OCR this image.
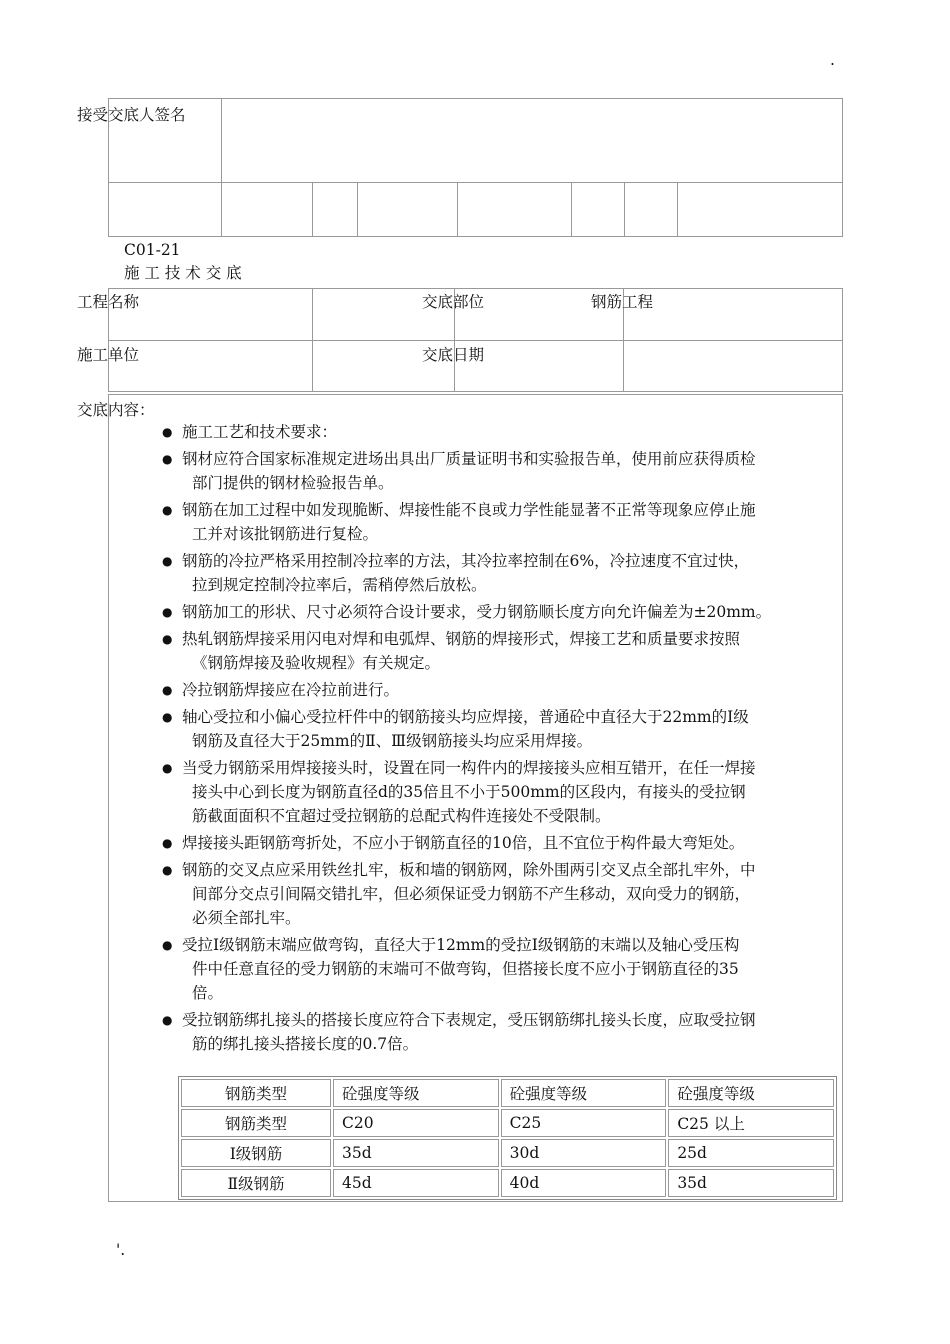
.
接受交底人签名
C01-21
施 工 技 术 交 底
工程名称	交底部位	钢筋工程
施工单位	交底日期
交底内容：
● 施工工艺和技术要求：
● 钢材应符合国家标准规定进场出具出厂质量证明书和实验报告单，使用前应获得质检
部门提供的钢材检验报告单。
● 钢筋在加工过程中如发现脆断、焊接性能不良或力学性能显著不正常等现象应停止施
工并对该批钢筋进行复检。
● 钢筋的冷拉严格采用控制冷拉率的方法，其冷拉率控制在6%，冷拉速度不宜过快，
拉到规定控制冷拉率后，需稍停然后放松。
● 钢筋加工的形状、尺寸必须符合设计要求，受力钢筋顺长度方向允许偏差为±20mm。
● 热轧钢筋焊接采用闪电对焊和电弧焊、钢筋的焊接形式，焊接工艺和质量要求按照
《钢筋焊接及验收规程》有关规定。
● 冷拉钢筋焊接应在冷拉前进行。
● 轴心受拉和小偏心受拉杆件中的钢筋接头均应焊接，普通砼中直径大于22mm的Ⅰ级
钢筋及直径大于25mm的Ⅱ、Ⅲ级钢筋接头均应采用焊接。
● 当受力钢筋采用焊接接头时，设置在同一构件内的焊接接头应相互错开，在任一焊接
接头中心到长度为钢筋直径d的35倍且不小于500mm的区段内，有接头的受拉钢
筋截面面积不宜超过受拉钢筋的总配式构件连接处不受限制。
● 焊接接头距钢筋弯折处，不应小于钢筋直径的10倍，且不宜位于构件最大弯矩处。
● 钢筋的交叉点应采用铁丝扎牢，板和墙的钢筋网，除外围两引交叉点全部扎牢外，中
间部分交点引间隔交错扎牢，但必须保证受力钢筋不产生移动，双向受力的钢筋，
必须全部扎牢。
● 受拉Ⅰ级钢筋末端应做弯钩，直径大于12mm的受拉Ⅰ级钢筋的末端以及轴心受压构
件中任意直径的受力钢筋的末端可不做弯钩，但搭接长度不应小于钢筋直径的35
倍。
● 受拉钢筋绑扎接头的搭接长度应符合下表规定，受压钢筋绑扎接头长度，应取受拉钢
筋的绑扎接头搭接长度的0.7倍。
钢筋类型	砼强度等级	砼强度等级	砼强度等级
钢筋类型	C20	C25	C25 以上
Ⅰ级钢筋	35d	30d	25d
Ⅱ级钢筋	45d	40d	35d
'.
